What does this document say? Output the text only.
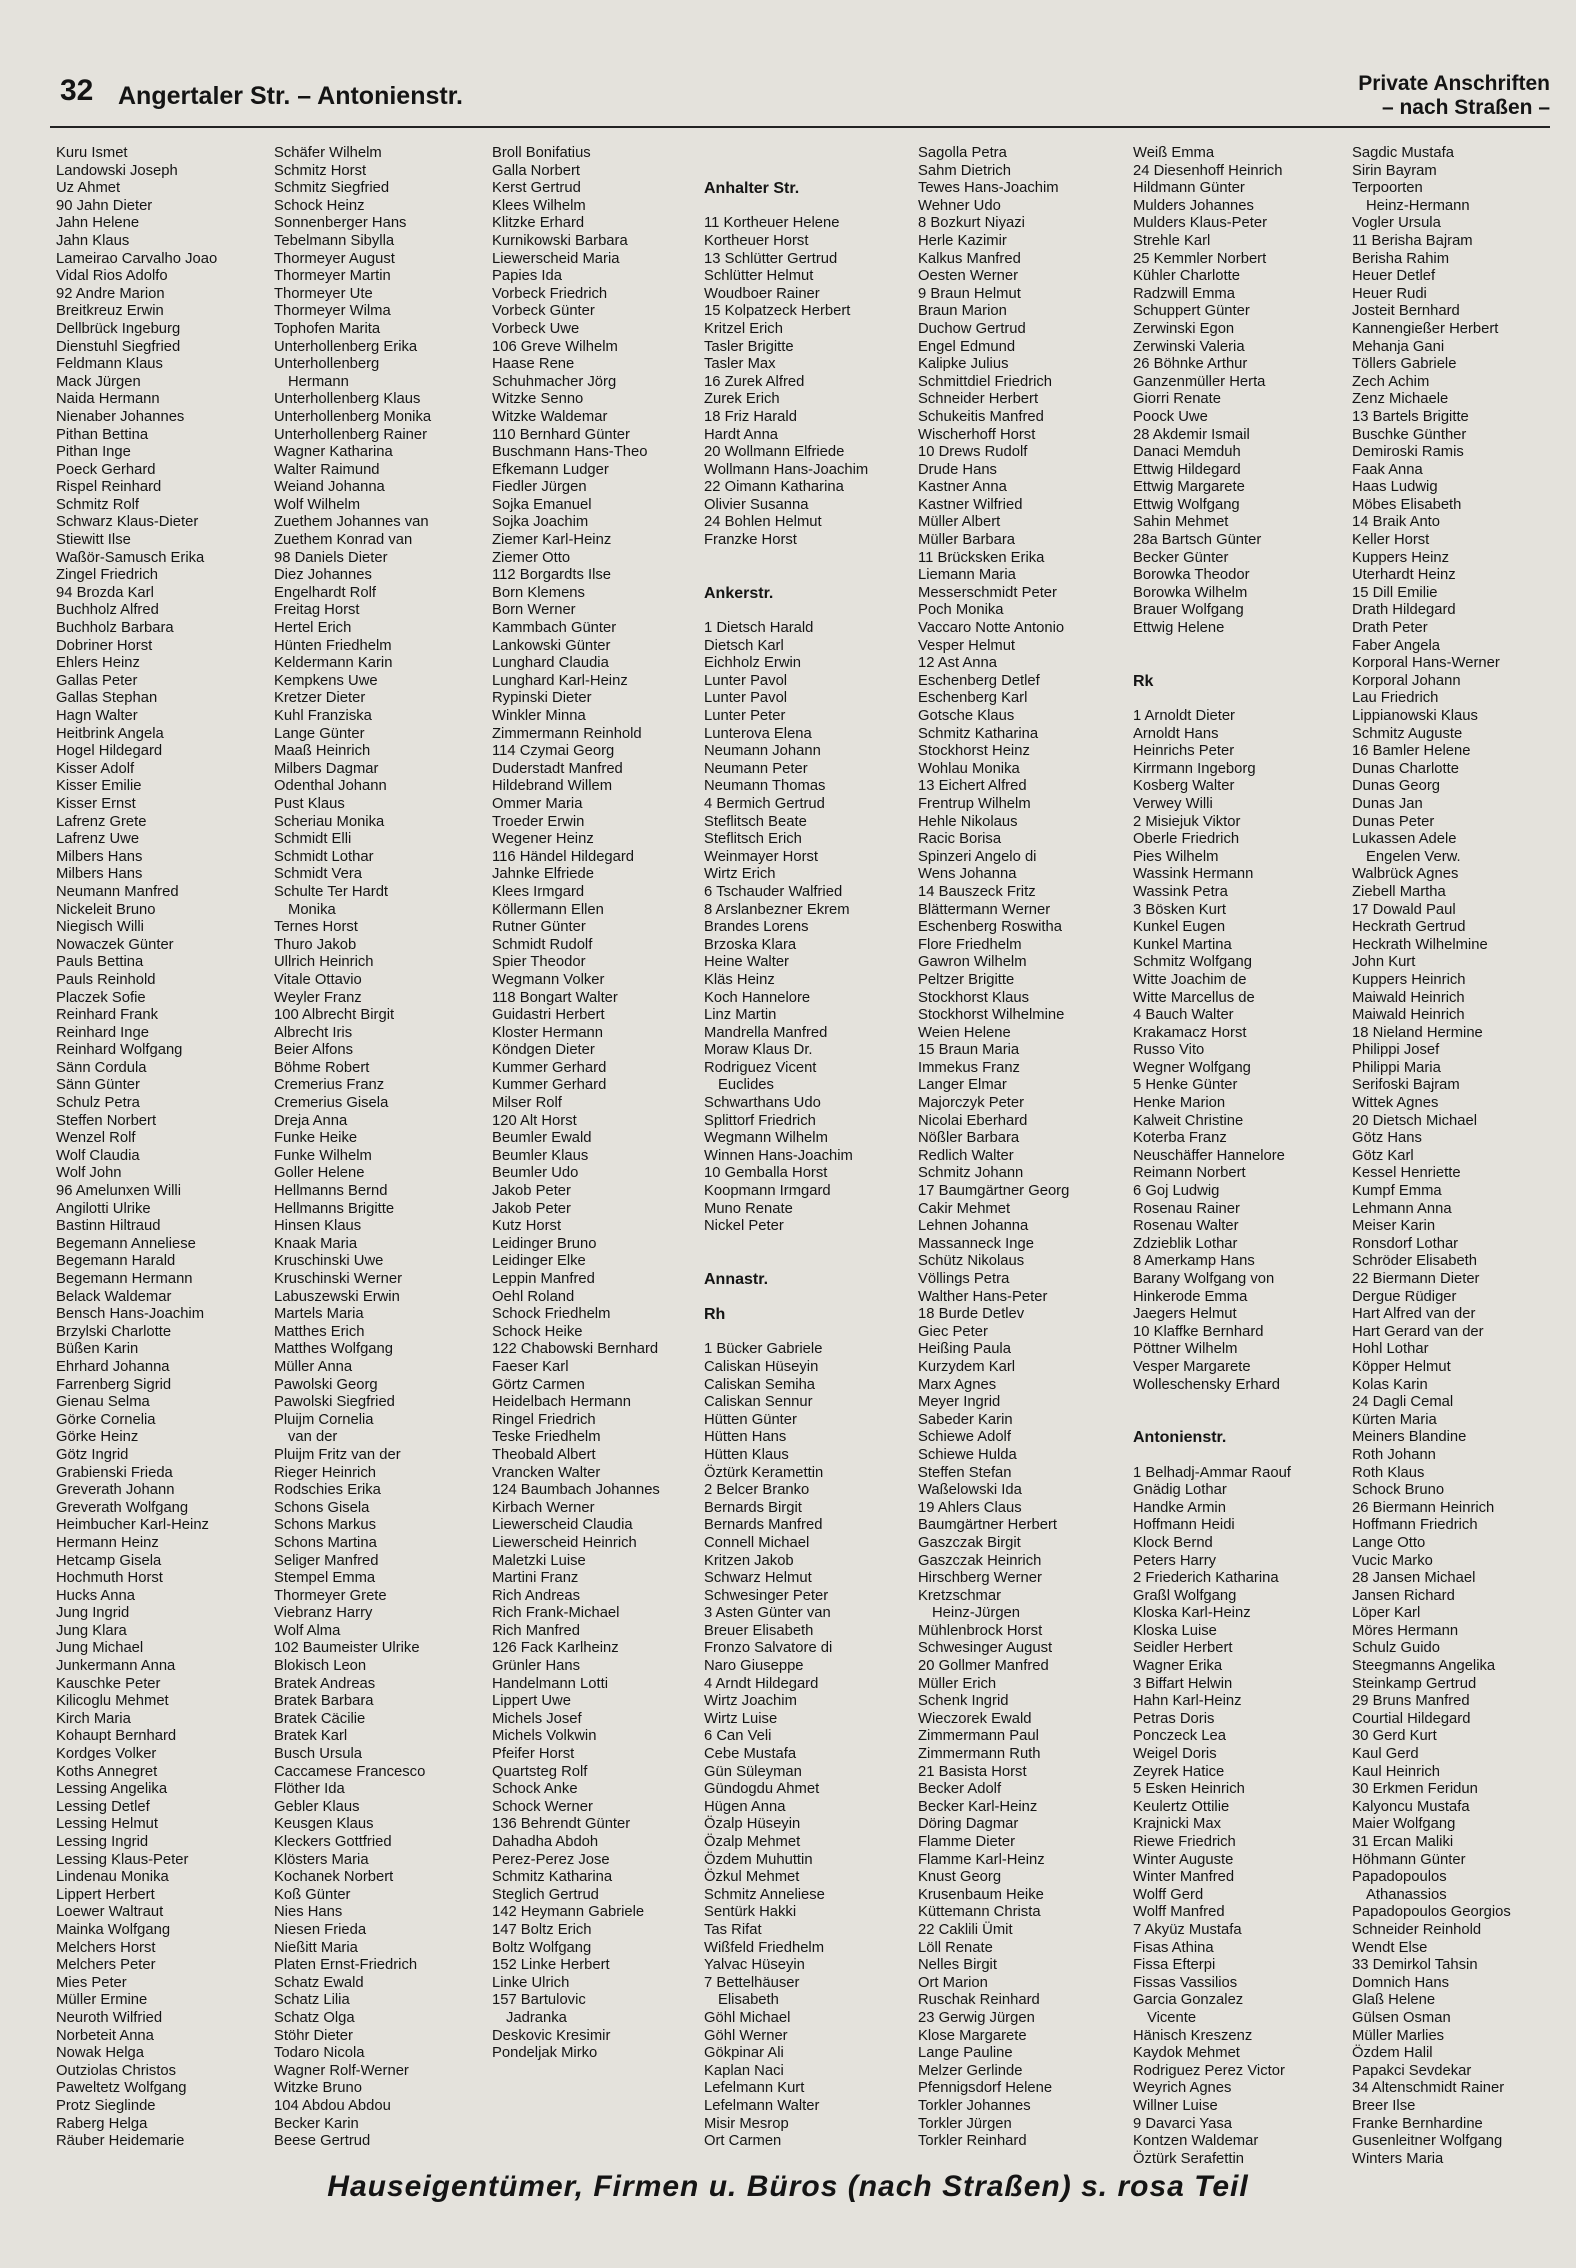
32 Angertaler Str. – Antonienstr.	Private Anschriften
– nach Straßen –
Kuru Ismet
Landowski Joseph
Uz Ahmet
90 Jahn Dieter
Jahn Helene
Jahn Klaus
Lameirao Carvalho Joao
Vidal Rios Adolfo
92 Andre Marion
Breitkreuz Erwin
Dellbrück Ingeburg
Dienstuhl Siegfried
Feldmann Klaus
Mack Jürgen
Naida Hermann
Nienaber Johannes
Pithan Bettina
Pithan Inge
Poeck Gerhard
Rispel Reinhard
Schmitz Rolf
Schwarz Klaus-Dieter
Stiewitt Ilse
Waßör-Samusch Erika
Zingel Friedrich
94 Brozda Karl
Buchholz Alfred
Buchholz Barbara
Dobriner Horst
Ehlers Heinz
Gallas Peter
Gallas Stephan
Hagn Walter
Heitbrink Angela
Hogel Hildegard
Kisser Adolf
Kisser Emilie
Kisser Ernst
Lafrenz Grete
Lafrenz Uwe
Milbers Hans
Milbers Hans
Neumann Manfred
Nickeleit Bruno
Niegisch Willi
Nowaczek Günter
Pauls Bettina
Pauls Reinhold
Placzek Sofie
Reinhard Frank
Reinhard Inge
Reinhard Wolfgang
Sänn Cordula
Sänn Günter
Schulz Petra
Steffen Norbert
Wenzel Rolf
Wolf Claudia
Wolf John
96 Amelunxen Willi
Angilotti Ulrike
Bastinn Hiltraud
Begemann Anneliese
Begemann Harald
Begemann Hermann
Belack Waldemar
Bensch Hans-Joachim
Brzylski Charlotte
Büßen Karin
Ehrhard Johanna
Farrenberg Sigrid
Gienau Selma
Görke Cornelia
Görke Heinz
Götz Ingrid
Grabienski Frieda
Greverath Johann
Greverath Wolfgang
Heimbucher Karl-Heinz
Hermann Heinz
Hetcamp Gisela
Hochmuth Horst
Hucks Anna
Jung Ingrid
Jung Klara
Jung Michael
Junkermann Anna
Kauschke Peter
Kilicoglu Mehmet
Kirch Maria
Kohaupt Bernhard
Kordges Volker
Koths Annegret
Lessing Angelika
Lessing Detlef
Lessing Helmut
Lessing Ingrid
Lessing Klaus-Peter
Lindenau Monika
Lippert Herbert
Loewer Waltraut
Mainka Wolfgang
Melchers Horst
Melchers Peter
Mies Peter
Müller Ermine
Neuroth Wilfried
Norbeteit Anna
Nowak Helga
Outziolas Christos
Paweltetz Wolfgang
Protz Sieglinde
Raberg Helga
Räuber Heidemarie
Schäfer Wilhelm
Schmitz Horst
Schmitz Siegfried
Schock Heinz
Sonnenberger Hans
Tebelmann Sibylla
Thormeyer August
Thormeyer Martin
Thormeyer Ute
Thormeyer Wilma
Tophofen Marita
Unterhollenberg Erika
Unterhollenberg
Hermann
Unterhollenberg Klaus
Unterhollenberg Monika
Unterhollenberg Rainer
Wagner Katharina
Walter Raimund
Weiand Johanna
Wolf Wilhelm
Zuethem Johannes van
Zuethem Konrad van
98 Daniels Dieter
Diez Johannes
Engelhardt Rolf
Freitag Horst
Hertel Erich
Hünten Friedhelm
Keldermann Karin
Kempkens Uwe
Kretzer Dieter
Kuhl Franziska
Lange Günter
Maaß Heinrich
Milbers Dagmar
Odenthal Johann
Pust Klaus
Scheriau Monika
Schmidt Elli
Schmidt Lothar
Schmidt Vera
Schulte Ter Hardt
Monika
Ternes Horst
Thuro Jakob
Ullrich Heinrich
Vitale Ottavio
Weyler Franz
100 Albrecht Birgit
Albrecht Iris
Beier Alfons
Böhme Robert
Cremerius Franz
Cremerius Gisela
Dreja Anna
Funke Heike
Funke Wilhelm
Goller Helene
Hellmanns Bernd
Hellmanns Brigitte
Hinsen Klaus
Knaak Maria
Kruschinski Uwe
Kruschinski Werner
Labuszewski Erwin
Martels Maria
Matthes Erich
Matthes Wolfgang
Müller Anna
Pawolski Georg
Pawolski Siegfried
Pluijm Cornelia
van der
Pluijm Fritz van der
Rieger Heinrich
Rodschies Erika
Schons Gisela
Schons Markus
Schons Martina
Seliger Manfred
Stempel Emma
Thormeyer Grete
Viebranz Harry
Wolf Alma
102 Baumeister Ulrike
Blokisch Leon
Bratek Andreas
Bratek Barbara
Bratek Cäcilie
Bratek Karl
Busch Ursula
Caccamese Francesco
Flöther Ida
Gebler Klaus
Keusgen Klaus
Kleckers Gottfried
Klösters Maria
Kochanek Norbert
Koß Günter
Nies Hans
Niesen Frieda
Nießitt Maria
Platen Ernst-Friedrich
Schatz Ewald
Schatz Lilia
Schatz Olga
Stöhr Dieter
Todaro Nicola
Wagner Rolf-Werner
Witzke Bruno
104 Abdou Abdou
Becker Karin
Beese Gertrud
Broll Bonifatius
Galla Norbert
Kerst Gertrud
Klees Wilhelm
Klitzke Erhard
Kurnikowski Barbara
Liewerscheid Maria
Papies Ida
Vorbeck Friedrich
Vorbeck Günter
Vorbeck Uwe
106 Greve Wilhelm
Haase Rene
Schuhmacher Jörg
Witzke Senno
Witzke Waldemar
110 Bernhard Günter
Buschmann Hans-Theo
Efkemann Ludger
Fiedler Jürgen
Sojka Emanuel
Sojka Joachim
Ziemer Karl-Heinz
Ziemer Otto
112 Borgardts Ilse
Born Klemens
Born Werner
Kammbach Günter
Lankowski Günter
Lunghard Claudia
Lunghard Karl-Heinz
Rypinski Dieter
Winkler Minna
Zimmermann Reinhold
114 Czymai Georg
Duderstadt Manfred
Hildebrand Willem
Ommer Maria
Troeder Erwin
Wegener Heinz
116 Händel Hildegard
Jahnke Elfriede
Klees Irmgard
Köllermann Ellen
Rutner Günter
Schmidt Rudolf
Spier Theodor
Wegmann Volker
118 Bongart Walter
Guidastri Herbert
Kloster Hermann
Köndgen Dieter
Kummer Gerhard
Kummer Gerhard
Milser Rolf
120 Alt Horst
Beumler Ewald
Beumler Klaus
Beumler Udo
Jakob Peter
Jakob Peter
Kutz Horst
Leidinger Bruno
Leidinger Elke
Leppin Manfred
Oehl Roland
Schock Friedhelm
Schock Heike
122 Chabowski Bernhard
Faeser Karl
Görtz Carmen
Heidelbach Hermann
Ringel Friedrich
Teske Friedhelm
Theobald Albert
Vrancken Walter
124 Baumbach Johannes
Kirbach Werner
Liewerscheid Claudia
Liewerscheid Heinrich
Maletzki Luise
Martini Franz
Rich Andreas
Rich Frank-Michael
Rich Manfred
126 Fack Karlheinz
Grünler Hans
Handelmann Lotti
Lippert Uwe
Michels Josef
Michels Volkwin
Pfeifer Horst
Quartsteg Rolf
Schock Anke
Schock Werner
136 Behrendt Günter
Dahadha Abdoh
Perez-Perez Jose
Schmitz Katharina
Steglich Gertrud
142 Heymann Gabriele
147 Boltz Erich
Boltz Wolfgang
152 Linke Herbert
Linke Ulrich
157 Bartulovic
Jadranka
Deskovic Kresimir
Pondeljak Mirko

Anhalter Str.

11 Kortheuer Helene
Kortheuer Horst
13 Schlütter Gertrud
Schlütter Helmut
Woudboer Rainer
15 Kolpatzeck Herbert
Kritzel Erich
Tasler Brigitte
Tasler Max
16 Zurek Alfred
Zurek Erich
18 Friz Harald
Hardt Anna
20 Wollmann Elfriede
Wollmann Hans-Joachim
22 Oimann Katharina
Olivier Susanna
24 Bohlen Helmut
Franzke Horst

Ankerstr.

1 Dietsch Harald
Dietsch Karl
Eichholz Erwin
Lunter Pavol
Lunter Pavol
Lunter Peter
Lunterova Elena
Neumann Johann
Neumann Peter
Neumann Thomas
4 Bermich Gertrud
Steflitsch Beate
Steflitsch Erich
Weinmayer Horst
Wirtz Erich
6 Tschauder Walfried
8 Arslanbezner Ekrem
Brandes Lorens
Brzoska Klara
Heine Walter
Kläs Heinz
Koch Hannelore
Linz Martin
Mandrella Manfred
Moraw Klaus Dr.
Rodriguez Vicent
Euclides
Schwarthans Udo
Splittorf Friedrich
Wegmann Wilhelm
Winnen Hans-Joachim
10 Gemballa Horst
Koopmann Irmgard
Muno Renate
Nickel Peter

Annastr.

Rh

1 Bücker Gabriele
Caliskan Hüseyin
Caliskan Semiha
Caliskan Sennur
Hütten Günter
Hütten Hans
Hütten Klaus
Öztürk Keramettin
2 Belcer Branko
Bernards Birgit
Bernards Manfred
Connell Michael
Kritzen Jakob
Schwarz Helmut
Schwesinger Peter
3 Asten Günter van
Breuer Elisabeth
Fronzo Salvatore di
Naro Giuseppe
4 Arndt Hildegard
Wirtz Joachim
Wirtz Luise
6 Can Veli
Cebe Mustafa
Gün Süleyman
Gündogdu Ahmet
Hügen Anna
Özalp Hüseyin
Özalp Mehmet
Özdem Muhuttin
Özkul Mehmet
Schmitz Anneliese
Sentürk Hakki
Tas Rifat
Wißfeld Friedhelm
Yalvac Hüseyin
7 Bettelhäuser
Elisabeth
Göhl Michael
Göhl Werner
Gökpinar Ali
Kaplan Naci
Lefelmann Kurt
Lefelmann Walter
Misir Mesrop
Ort Carmen
Sagolla Petra
Sahm Dietrich
Tewes Hans-Joachim
Wehner Udo
8 Bozkurt Niyazi
Herle Kazimir
Kalkus Manfred
Oesten Werner
9 Braun Helmut
Braun Marion
Duchow Gertrud
Engel Edmund
Kalipke Julius
Schmittdiel Friedrich
Schneider Herbert
Schukeitis Manfred
Wischerhoff Horst
10 Drews Rudolf
Drude Hans
Kastner Anna
Kastner Wilfried
Müller Albert
Müller Barbara
11 Brücksken Erika
Liemann Maria
Messerschmidt Peter
Poch Monika
Vaccaro Notte Antonio
Vesper Helmut
12 Ast Anna
Eschenberg Detlef
Eschenberg Karl
Gotsche Klaus
Schmitz Katharina
Stockhorst Heinz
Wohlau Monika
13 Eichert Alfred
Frentrup Wilhelm
Hehle Nikolaus
Racic Borisa
Spinzeri Angelo di
Wens Johanna
14 Bauszeck Fritz
Blättermann Werner
Eschenberg Roswitha
Flore Friedhelm
Gawron Wilhelm
Peltzer Brigitte
Stockhorst Klaus
Stockhorst Wilhelmine
Weien Helene
15 Braun Maria
Immekus Franz
Langer Elmar
Majorczyk Peter
Nicolai Eberhard
Nößler Barbara
Redlich Walter
Schmitz Johann
17 Baumgärtner Georg
Cakir Mehmet
Lehnen Johanna
Massanneck Inge
Schütz Nikolaus
Völlings Petra
Walther Hans-Peter
18 Burde Detlev
Giec Peter
Heißing Paula
Kurzydem Karl
Marx Agnes
Meyer Ingrid
Sabeder Karin
Schiewe Adolf
Schiewe Hulda
Steffen Stefan
Waßelowski Ida
19 Ahlers Claus
Baumgärtner Herbert
Gaszczak Birgit
Gaszczak Heinrich
Hirschberg Werner
Kretzschmar
Heinz-Jürgen
Mühlenbrock Horst
Schwesinger August
20 Gollmer Manfred
Müller Erich
Schenk Ingrid
Wieczorek Ewald
Zimmermann Paul
Zimmermann Ruth
21 Basista Horst
Becker Adolf
Becker Karl-Heinz
Döring Dagmar
Flamme Dieter
Flamme Karl-Heinz
Knust Georg
Krusenbaum Heike
Küttemann Christa
22 Caklili Ümit
Löll Renate
Nelles Birgit
Ort Marion
Ruschak Reinhard
23 Gerwig Jürgen
Klose Margarete
Lange Pauline
Melzer Gerlinde
Pfennigsdorf Helene
Torkler Johannes
Torkler Jürgen
Torkler Reinhard
Weiß Emma
24 Diesenhoff Heinrich
Hildmann Günter
Mulders Johannes
Mulders Klaus-Peter
Strehle Karl
25 Kemmler Norbert
Kühler Charlotte
Radzwill Emma
Schuppert Günter
Zerwinski Egon
Zerwinski Valeria
26 Böhnke Arthur
Ganzenmüller Herta
Giorri Renate
Poock Uwe
28 Akdemir Ismail
Danaci Memduh
Ettwig Hildegard
Ettwig Margarete
Ettwig Wolfgang
Sahin Mehmet
28a Bartsch Günter
Becker Günter
Borowka Theodor
Borowka Wilhelm
Brauer Wolfgang
Ettwig Helene

Rk

1 Arnoldt Dieter
Arnoldt Hans
Heinrichs Peter
Kirrmann Ingeborg
Kosberg Walter
Verwey Willi
2 Misiejuk Viktor
Oberle Friedrich
Pies Wilhelm
Wassink Hermann
Wassink Petra
3 Bösken Kurt
Kunkel Eugen
Kunkel Martina
Schmitz Wolfgang
Witte Joachim de
Witte Marcellus de
4 Bauch Walter
Krakamacz Horst
Russo Vito
Wegner Wolfgang
5 Henke Günter
Henke Marion
Kalweit Christine
Koterba Franz
Neuschäffer Hannelore
Reimann Norbert
6 Goj Ludwig
Rosenau Rainer
Rosenau Walter
Zdzieblik Lothar
8 Amerkamp Hans
Barany Wolfgang von
Hinkerode Emma
Jaegers Helmut
10 Klaffke Bernhard
Pöttner Wilhelm
Vesper Margarete
Wolleschensky Erhard

Antonienstr.

1 Belhadj-Ammar Raouf
Gnädig Lothar
Handke Armin
Hoffmann Heidi
Klock Bernd
Peters Harry
2 Friederich Katharina
Graßl Wolfgang
Kloska Karl-Heinz
Kloska Luise
Seidler Herbert
Wagner Erika
3 Biffart Helwin
Hahn Karl-Heinz
Petras Doris
Ponczeck Lea
Weigel Doris
Zeyrek Hatice
5 Esken Heinrich
Keulertz Ottilie
Krajnicki Max
Riewe Friedrich
Winter Auguste
Winter Manfred
Wolff Gerd
Wolff Manfred
7 Akyüz Mustafa
Fisas Athina
Fissa Efterpi
Fissas Vassilios
Garcia Gonzalez
Vicente
Hänisch Kreszenz
Kaydok Mehmet
Rodriguez Perez Victor
Weyrich Agnes
Willner Luise
9 Davarci Yasa
Kontzen Waldemar
Öztürk Serafettin
Sagdic Mustafa
Sirin Bayram
Terpoorten
Heinz-Hermann
Vogler Ursula
11 Berisha Bajram
Berisha Rahim
Heuer Detlef
Heuer Rudi
Josteit Bernhard
Kannengießer Herbert
Mehanja Gani
Töllers Gabriele
Zech Achim
Zenz Michaele
13 Bartels Brigitte
Buschke Günther
Demiroski Ramis
Faak Anna
Haas Ludwig
Möbes Elisabeth
14 Braik Anto
Keller Horst
Kuppers Heinz
Uterhardt Heinz
15 Dill Emilie
Drath Hildegard
Drath Peter
Faber Angela
Korporal Hans-Werner
Korporal Johann
Lau Friedrich
Lippianowski Klaus
Schmitz Auguste
16 Bamler Helene
Dunas Charlotte
Dunas Georg
Dunas Jan
Dunas Peter
Lukassen Adele
Engelen Verw.
Walbrück Agnes
Ziebell Martha
17 Dowald Paul
Heckrath Gertrud
Heckrath Wilhelmine
John Kurt
Kuppers Heinrich
Maiwald Heinrich
Maiwald Heinrich
18 Nieland Hermine
Philippi Josef
Philippi Maria
Serifoski Bajram
Wittek Agnes
20 Dietsch Michael
Götz Hans
Götz Karl
Kessel Henriette
Kumpf Emma
Lehmann Anna
Meiser Karin
Ronsdorf Lothar
Schröder Elisabeth
22 Biermann Dieter
Dergue Rüdiger
Hart Alfred van der
Hart Gerard van der
Hohl Lothar
Köpper Helmut
Kolas Karin
24 Dagli Cemal
Kürten Maria
Meiners Blandine
Roth Johann
Roth Klaus
Schock Bruno
26 Biermann Heinrich
Hoffmann Friedrich
Lange Otto
Vucic Marko
28 Jansen Michael
Jansen Richard
Löper Karl
Möres Hermann
Schulz Guido
Steegmanns Angelika
Steinkamp Gertrud
29 Bruns Manfred
Courtial Hildegard
30 Gerd Kurt
Kaul Gerd
Kaul Heinrich
30 Erkmen Feridun
Kalyoncu Mustafa
Maier Wolfgang
31 Ercan Maliki
Höhmann Günter
Papadopoulos
Athanassios
Papadopoulos Georgios
Schneider Reinhold
Wendt Else
33 Demirkol Tahsin
Domnich Hans
Glaß Helene
Gülsen Osman
Müller Marlies
Özdem Halil
Papakci Sevdekar
34 Altenschmidt Rainer
Breer Ilse
Franke Bernhardine
Gusenleitner Wolfgang
Winters Maria
Hauseigentümer, Firmen u. Büros (nach Straßen) s. rosa Teil
